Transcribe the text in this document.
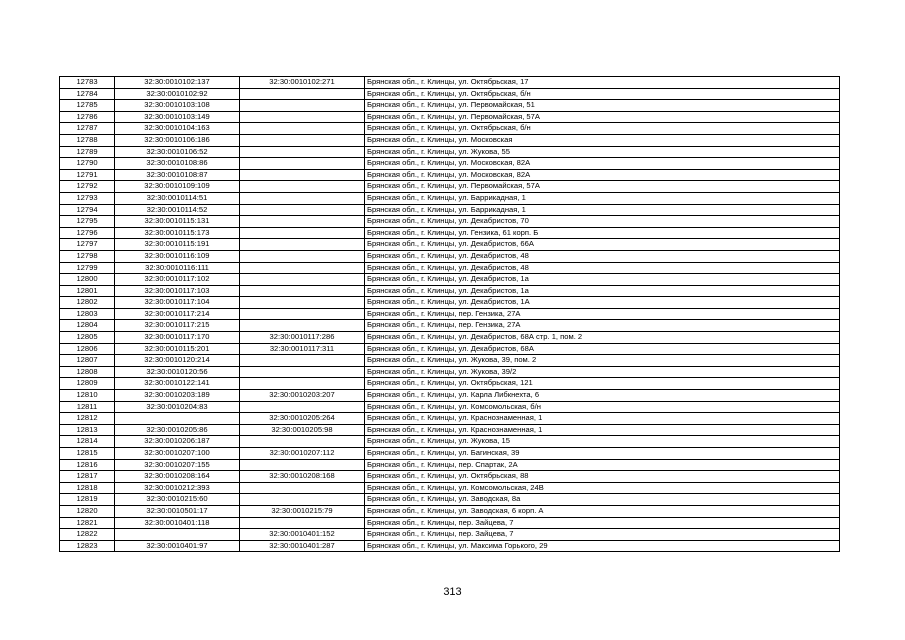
12783	32:30:0010102:137	32:30:0010102:271	Брянская обл., г. Клинцы, ул. Октябрьская, 17
12784	32:30:0010102:92		Брянская обл., г. Клинцы, ул. Октябрьская, б/н
12785	32:30:0010103:108		Брянская обл., г. Клинцы, ул. Первомайская, 51
12786	32:30:0010103:149		Брянская обл., г. Клинцы, ул. Первомайская, 57А
12787	32:30:0010104:163		Брянская обл., г. Клинцы, ул. Октябрьская, б/н
12788	32:30:0010106:186		Брянская обл., г. Клинцы, ул. Московская
12789	32:30:0010106:52		Брянская обл., г. Клинцы, ул. Жукова, 55
12790	32:30:0010108:86		Брянская обл., г. Клинцы, ул. Московская, 82А
12791	32:30:0010108:87		Брянская обл., г. Клинцы, ул. Московская, 82А
12792	32:30:0010109:109		Брянская обл., г. Клинцы, ул. Первомайская, 57А
12793	32:30:0010114:51		Брянская обл., г. Клинцы, ул. Баррикадная, 1
12794	32:30:0010114:52		Брянская обл., г. Клинцы, ул. Баррикадная, 1
12795	32:30:0010115:131		Брянская обл., г. Клинцы, ул. Декабристов, 70
12796	32:30:0010115:173		Брянская обл., г. Клинцы, ул. Гензика, 61 корп. Б
12797	32:30:0010115:191		Брянская обл., г. Клинцы, ул. Декабристов, 66А
12798	32:30:0010116:109		Брянская обл., г. Клинцы, ул. Декабристов, 48
12799	32:30:0010116:111		Брянская обл., г. Клинцы, ул. Декабристов, 48
12800	32:30:0010117:102		Брянская обл., г. Клинцы, ул. Декабристов, 1а
12801	32:30:0010117:103		Брянская обл., г. Клинцы, ул. Декабристов, 1а
12802	32:30:0010117:104		Брянская обл., г. Клинцы, ул. Декабристов, 1А
12803	32:30:0010117:214		Брянская обл., г. Клинцы, пер. Гензика, 27А
12804	32:30:0010117:215		Брянская обл., г. Клинцы, пер. Гензика, 27А
12805	32:30:0010117:170	32:30:0010117:286	Брянская обл., г. Клинцы, ул. Декабристов, 68А стр. 1, пом. 2
12806	32:30:0010115:201	32:30:0010117:311	Брянская обл., г. Клинцы, ул. Декабристов, 68А
12807	32:30:0010120:214		Брянская обл., г. Клинцы, ул. Жукова, 39, пом. 2
12808	32:30:0010120:56		Брянская обл., г. Клинцы, ул. Жукова, 39/2
12809	32:30:0010122:141		Брянская обл., г. Клинцы, ул. Октябрьская, 121
12810	32:30:0010203:189	32:30:0010203:207	Брянская обл., г. Клинцы, ул. Карла Либкнехта, 6
12811	32:30:0010204:83		Брянская обл., г. Клинцы, ул. Комсомольская, б/н
12812		32:30:0010205:264	Брянская обл., г. Клинцы, ул. Краснознаменная, 1
12813	32:30:0010205:86	32:30:0010205:98	Брянская обл., г. Клинцы, ул. Краснознаменная, 1
12814	32:30:0010206:187		Брянская обл., г. Клинцы, ул. Жукова, 15
12815	32:30:0010207:100	32:30:0010207:112	Брянская обл., г. Клинцы, ул. Багинская, 39
12816	32:30:0010207:155		Брянская обл., г. Клинцы, пер. Спартак, 2А
12817	32:30:0010208:164	32:30:0010208:168	Брянская обл., г. Клинцы, ул. Октябрьская, 88
12818	32:30:0010212:393		Брянская обл., г. Клинцы, ул. Комсомольская, 24В
12819	32:30:0010215:60		Брянская обл., г. Клинцы, ул. Заводская, 8а
12820	32:30:0010501:17	32:30:0010215:79	Брянская обл., г. Клинцы, ул. Заводская, 6 корп. А
12821	32:30:0010401:118		Брянская обл., г. Клинцы, пер. Зайцева, 7
12822		32:30:0010401:152	Брянская обл., г. Клинцы, пер. Зайцева, 7
12823	32:30:0010401:97	32:30:0010401:287	Брянская обл., г. Клинцы, ул. Максима Горького, 29
313
